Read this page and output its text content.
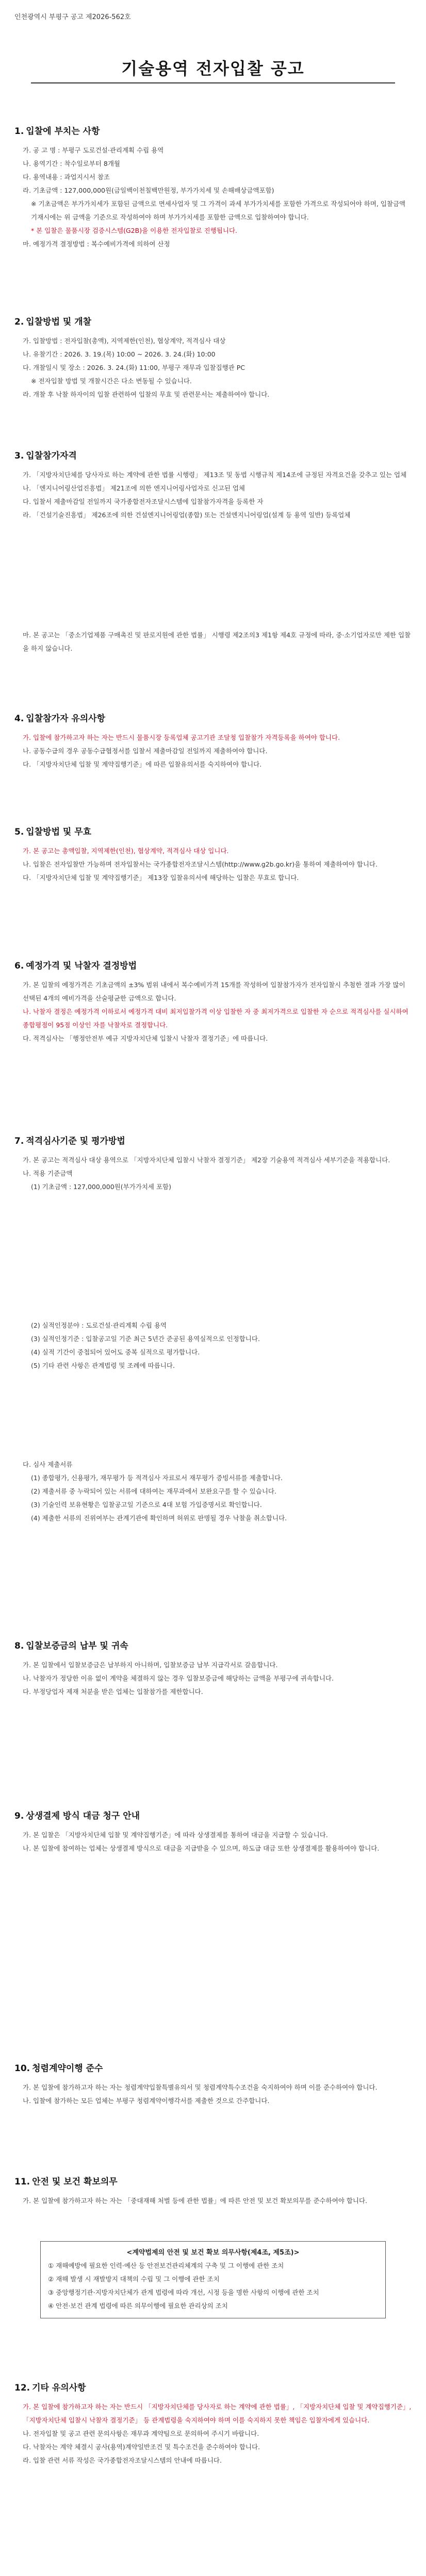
인천광역시 부평구 공고 제2026-562호
기술용역 전자입찰 공고
1. 입찰에 부치는 사항

가. 공 고 명 : 부평구 도로건설·관리계획 수립 용역

나. 용역기간 : 착수일로부터 8개월

다. 용역내용 : 과업지시서 참조

라. 기초금액 : 127,000,000원(금일백이천칠백만원정, 부가가치세 및 손해배상금액포함)

※ 기초금액은 부가가치세가 포함된 금액으로 면세사업자 및 그 가격이 과세 부가가치세를 포함한 가격으로 작성되어야 하며, 입찰금액 기재시에는 위 금액을 기준으로 작성하여야 하며 부가가치세를 포함한 금액으로 입찰하여야 합니다.

* 본 입찰은 물품시장 검증시스템(G2B)을 이용한 전자입찰로 진행됩니다.

마. 예정가격 결정방법 : 복수예비가격에 의하여 산정

2. 입찰방법 및 개찰

가. 입찰방법 : 전자입찰(총액), 지역제한(인천), 협상계약, 적격심사 대상

나. 유찰기간 : 2026. 3. 19.(목) 10:00 ~ 2026. 3. 24.(화) 10:00

다. 개찰일시 및 장소 : 2026. 3. 24.(화) 11:00, 부평구 재무과 입찰집행관 PC

※ 전자입찰 방법 및 개찰시간은 다소 변동될 수 있습니다.

라. 개찰 후 낙찰 하자이의 입찰 관련하여 입찰의 무효 및 관련문서는 제출하여야 합니다.

3. 입찰참가자격

가. 「지방자치단체를 당사자로 하는 계약에 관한 법률 시행령」 제13조 및 동법 시행규칙 제14조에 규정된 자격요건을 갖추고 있는 업체

나. 「엔지니어링산업진흥법」 제21조에 의한 엔지니어링사업자로 신고된 업체

다. 입찰서 제출마감일 전일까지 국가종합전자조달시스템에 입찰참가자격을 등록한 자

라. 「건설기술진흥법」 제26조에 의한 건설엔지니어링업(종합) 또는 건설엔지니어링업(설계 등 용역 일반) 등록업체

마. 본 공고는 「중소기업제품 구매촉진 및 판로지원에 관한 법률」 시행령 제2조의3 제1항 제4호 규정에 따라, 중·소기업자로만 제한 입찰을 하지 않습니다.

4. 입찰참가자 유의사항

가. 입찰에 참가하고자 하는 자는 반드시 물품시장 등록업체 공고기관 조달청 입찰참가 자격등록을 하여야 합니다.

나. 공동수급의 경우 공동수급협정서를 입찰서 제출마감일 전일까지 제출하여야 합니다.

다. 「지방자치단체 입찰 및 계약집행기준」에 따른 입찰유의서를 숙지하여야 합니다.

5. 입찰방법 및 무효

가. 본 공고는 총액입찰, 지역제한(인천), 협상계약, 적격심사 대상 입니다.

나. 입찰은 전자입찰만 가능하며 전자입찰서는 국가종합전자조달시스템(http://www.g2b.go.kr)을 통하여 제출하여야 합니다.

다. 「지방자치단체 입찰 및 계약집행기준」 제13장 입찰유의서에 해당하는 입찰은 무효로 합니다.

6. 예정가격 및 낙찰자 결정방법

가. 본 입찰의 예정가격은 기초금액의 ±3% 범위 내에서 복수예비가격 15개를 작성하여 입찰참가자가 전자입찰시 추첨한 결과 가장 많이 선택된 4개의 예비가격을 산술평균한 금액으로 합니다.

나. 낙찰자 결정은 예정가격 이하로서 예정가격 대비 최저입찰가격 이상 입찰한 자 중 최저가격으로 입찰한 자 순으로 적격심사를 실시하여 종합평점이 95점 이상인 자를 낙찰자로 결정합니다.

다. 적격심사는 「행정안전부 예규 지방자치단체 입찰시 낙찰자 결정기준」에 따릅니다.

7. 적격심사기준 및 평가방법

가. 본 공고는 적격심사 대상 용역으로 「지방자치단체 입찰시 낙찰자 결정기준」 제2장 기술용역 적격심사 세부기준을 적용합니다.

나. 적용 기준금액

(1) 기초금액 : 127,000,000원(부가가치세 포함)

(2) 실적인정분야 : 도로건설·관리계획 수립 용역

(3) 실적인정기준 : 입찰공고일 기준 최근 5년간 준공된 용역실적으로 인정합니다.

(4) 실적 기간이 중첩되어 있어도 중복 실적으로 평가합니다.

(5) 기타 관련 사항은 관계법령 및 조례에 따릅니다.

다. 심사 제출서류

(1) 종합평가, 신용평가, 재무평가 등 적격심사 자료로서 재무평가 증빙서류를 제출합니다.

(2) 제출서류 중 누락되어 있는 서류에 대하여는 재무과에서 보완요구를 할 수 있습니다.

(3) 기술인력 보유현황은 입찰공고일 기준으로 4대 보험 가입증명서로 확인합니다.

(4) 제출한 서류의 진위여부는 관계기관에 확인하며 허위로 판명될 경우 낙찰을 취소합니다.

8. 입찰보증금의 납부 및 귀속

가. 본 입찰에서 입찰보증금은 납부하지 아니하며, 입찰보증금 납부 지급각서로 갈음합니다.

나. 낙찰자가 정당한 이유 없이 계약을 체결하지 않는 경우 입찰보증금에 해당하는 금액을 부평구에 귀속합니다.

다. 부정당업자 제재 처분을 받은 업체는 입찰참가를 제한합니다.

9. 상생결제 방식 대금 청구 안내

가. 본 입찰은 「지방자치단체 입찰 및 계약집행기준」에 따라 상생결제를 통하여 대금을 지급할 수 있습니다.

나. 본 입찰에 참여하는 업체는 상생결제 방식으로 대금을 지급받을 수 있으며, 하도급 대금 또한 상생결제를 활용하여야 합니다.

10. 청렴계약이행 준수

가. 본 입찰에 참가하고자 하는 자는 청렴계약입찰특별유의서 및 청렴계약특수조건을 숙지하여야 하며 이를 준수하여야 합니다.

나. 입찰에 참가하는 모든 업체는 부평구 청렴계약이행각서를 제출한 것으로 간주합니다.

11. 안전 및 보건 확보의무

가. 본 입찰에 참가하고자 하는 자는 「중대재해 처벌 등에 관한 법률」에 따른 안전 및 보건 확보의무를 준수하여야 합니다.

<계약법제의 안전 및 보건 확보 의무사항(제4조, 제5조)>

① 재해예방에 필요한 인력·예산 등 안전보건관리체계의 구축 및 그 이행에 관한 조치

② 재해 발생 시 재발방지 대책의 수립 및 그 이행에 관한 조치

③ 중앙행정기관·지방자치단체가 관계 법령에 따라 개선, 시정 등을 명한 사항의 이행에 관한 조치

④ 안전·보건 관계 법령에 따른 의무이행에 필요한 관리상의 조치

12. 기타 유의사항

가. 본 입찰에 참가하고자 하는 자는 반드시 「지방자치단체를 당사자로 하는 계약에 관한 법률」, 「지방자치단체 입찰 및 계약집행기준」, 「지방자치단체 입찰시 낙찰자 결정기준」 등 관계법령을 숙지하여야 하며 이를 숙지하지 못한 책임은 입찰자에게 있습니다.

나. 전자입찰 및 공고 관련 문의사항은 재무과 계약팀으로 문의하여 주시기 바랍니다.

다. 낙찰자는 계약 체결시 공사(용역)계약일반조건 및 특수조건을 준수하여야 합니다.

라. 입찰 관련 서류 작성은 국가종합전자조달시스템의 안내에 따릅니다.
